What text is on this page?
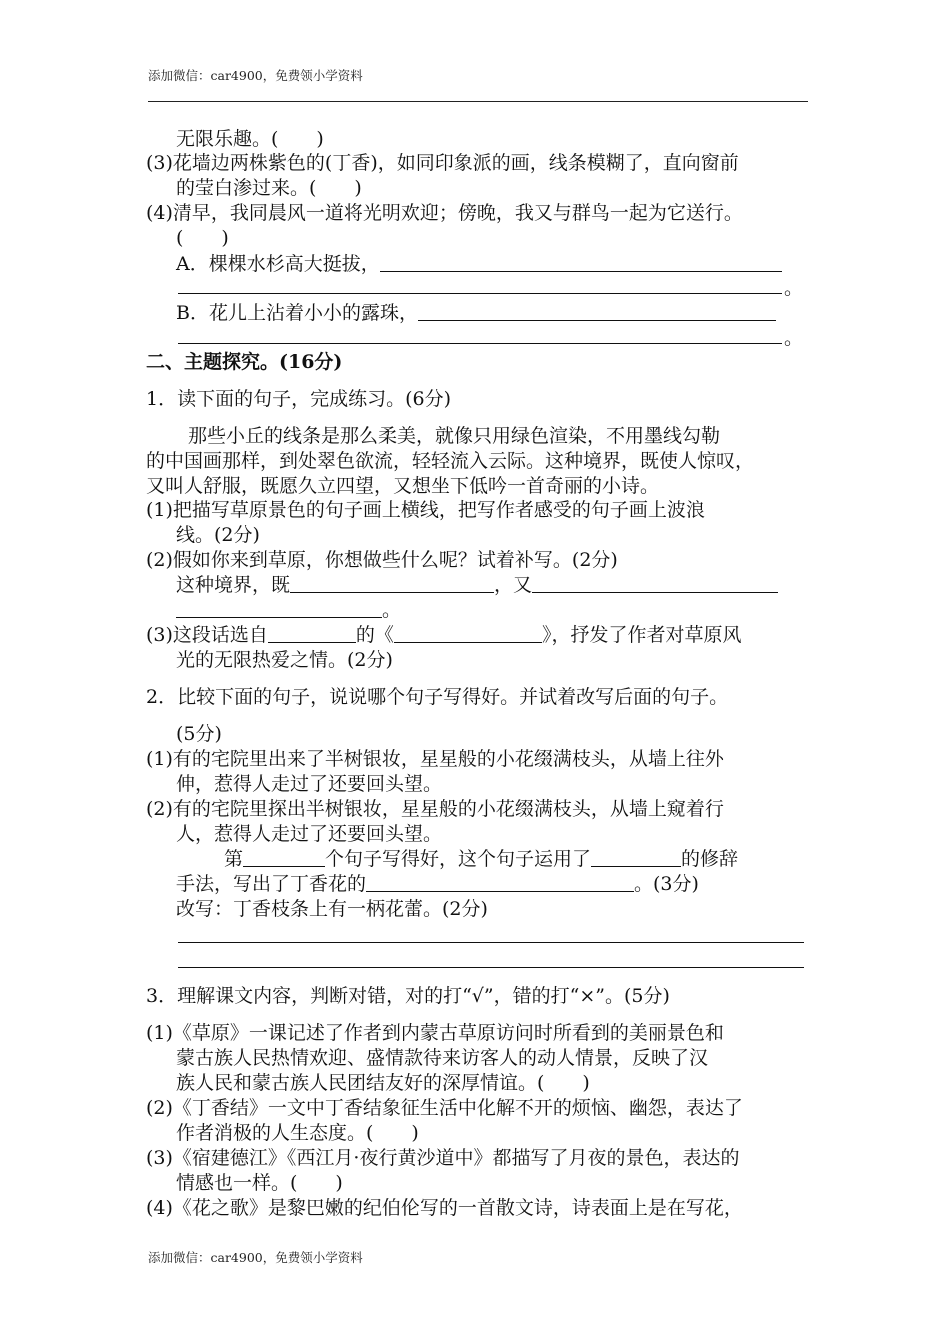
添加微信：car4900，免费领小学资料
无限乐趣。(　　)
(3)花墙边两株紫色的(丁香)，如同印象派的画，线条模糊了，直向窗前
的莹白渗过来。(　　)
(4)清早，我同晨风一道将光明欢迎；傍晚，我又与群鸟一起为它送行。
(　　)
A．棵棵水杉高大挺拔，
。
B．花儿上沾着小小的露珠，
。
二、主题探究。(16分)
1．读下面的句子，完成练习。(6分)
那些小丘的线条是那么柔美，就像只用绿色渲染，不用墨线勾勒
的中国画那样，到处翠色欲流，轻轻流入云际。这种境界，既使人惊叹，
又叫人舒服，既愿久立四望，又想坐下低吟一首奇丽的小诗。
(1)把描写草原景色的句子画上横线，把写作者感受的句子画上波浪
线。(2分)
(2)假如你来到草原，你想做些什么呢？试着补写。(2分)
这种境界，既	，又
。
(3)这段话选自	的《	》，抒发了作者对草原风
光的无限热爱之情。(2分)
2．比较下面的句子，说说哪个句子写得好。并试着改写后面的句子。
(5分)
(1)有的宅院里出来了半树银妆，星星般的小花缀满枝头，从墙上往外
伸，惹得人走过了还要回头望。
(2)有的宅院里探出半树银妆，星星般的小花缀满枝头，从墙上窥着行
人，惹得人走过了还要回头望。
第	个句子写得好，这个句子运用了	的修辞
手法，写出了丁香花的	。(3分)
改写：丁香枝条上有一柄花蕾。(2分)
3．理解课文内容，判断对错，对的打“√”，错的打“×”。(5分)
(1)《草原》一课记述了作者到内蒙古草原访问时所看到的美丽景色和
蒙古族人民热情欢迎、盛情款待来访客人的动人情景，反映了汉
族人民和蒙古族人民团结友好的深厚情谊。(　　)
(2)《丁香结》一文中丁香结象征生活中化解不开的烦恼、幽怨，表达了
作者消极的人生态度。(　　)
(3)《宿建德江》《西江月·夜行黄沙道中》都描写了月夜的景色，表达的
情感也一样。(　　)
(4)《花之歌》是黎巴嫩的纪伯伦写的一首散文诗，诗表面上是在写花，
添加微信：car4900，免费领小学资料
